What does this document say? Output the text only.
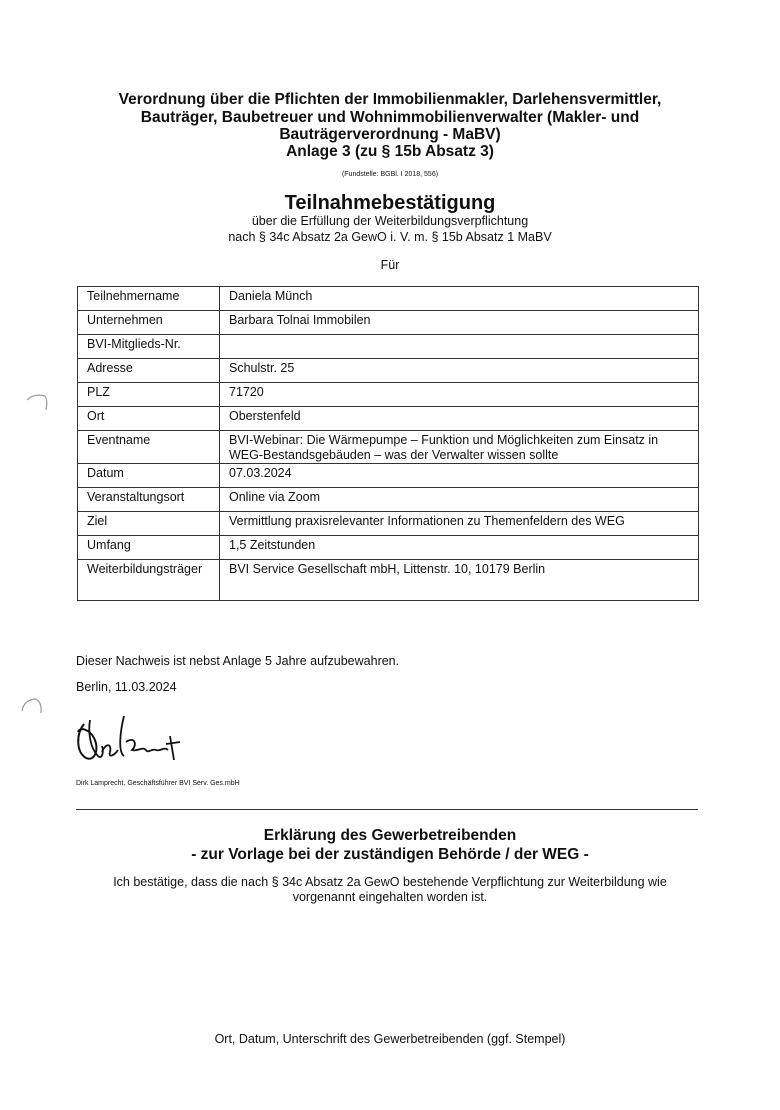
Verordnung über die Pflichten der Immobilienmakler, Darlehensvermittler,
Bauträger, Baubetreuer und Wohnimmobilienverwalter (Makler- und
Bauträgerverordnung - MaBV)
Anlage 3 (zu § 15b Absatz 3)
(Fundstelle: BGBl. I 2018, 556)
Teilnahmebestätigung
über die Erfüllung der Weiterbildungsverpflichtung
nach § 34c Absatz 2a GewO i. V. m. § 15b Absatz 1 MaBV
Für
Teilnehmername	Daniela Münch
Unternehmen	Barbara Tolnai Immobilen
BVI-Mitglieds-Nr.	
Adresse	Schulstr. 25
PLZ	71720
Ort	Oberstenfeld
Eventname	BVI-Webinar: Die Wärmepumpe – Funktion und Möglichkeiten zum Einsatz in WEG-Bestandsgebäuden – was der Verwalter wissen sollte
Datum	07.03.2024
Veranstaltungsort	Online via Zoom
Ziel	Vermittlung praxisrelevanter Informationen zu Themenfeldern des WEG
Umfang	1,5 Zeitstunden
Weiterbildungsträger	BVI Service Gesellschaft mbH, Littenstr. 10, 10179 Berlin
Dieser Nachweis ist nebst Anlage 5 Jahre aufzubewahren.
Berlin, 11.03.2024
Dirk Lamprecht, Geschäftsführer BVI Serv. Ges.mbH
Erklärung des Gewerbetreibenden
- zur Vorlage bei der zuständigen Behörde / der WEG -
Ich bestätige, dass die nach § 34c Absatz 2a GewO bestehende Verpflichtung zur Weiterbildung wie
vorgenannt eingehalten worden ist.
Ort, Datum, Unterschrift des Gewerbetreibenden (ggf. Stempel)
